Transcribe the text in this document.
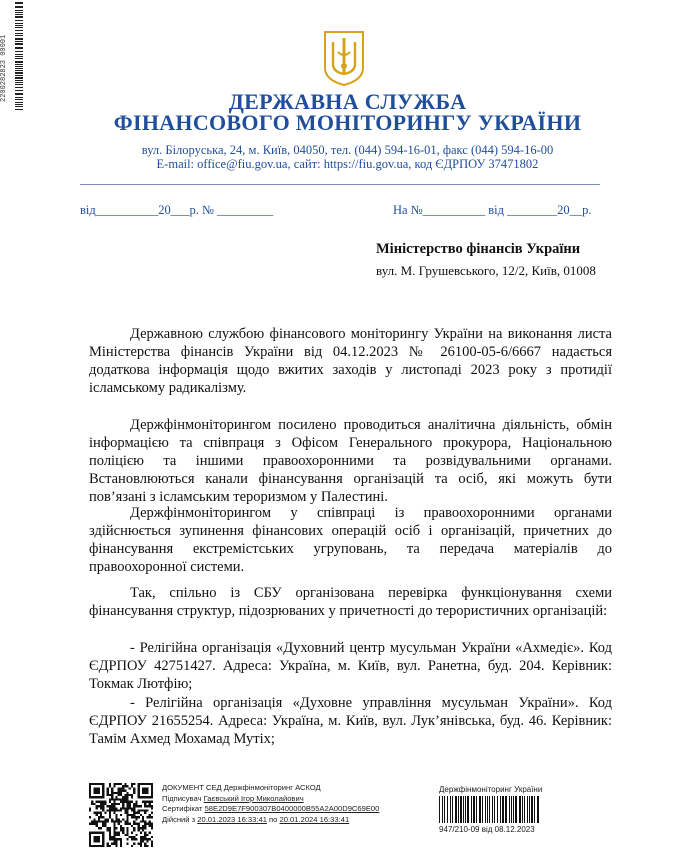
2200282823 00001	ДЕРЖАВНА СЛУЖБА
ФІНАНСОВОГО МОНІТОРИНГУ УКРАЇНИ
вул. Білоруська, 24, м. Київ, 04050, тел. (044) 594-16-01, факс (044) 594-16-00
E-mail: office@fiu.gov.ua, сайт: https://fiu.gov.ua, код ЄДРПОУ 37471802
від__________20___р. № _________	На №__________ від ________20__р.
Міністерство фінансів України
вул. М. Грушевського, 12/2, Київ, 01008

Державною службою фінансового моніторингу України на виконання листа Міністерства фінансів України від 04.12.2023 № 26100-05-6/6667 надається додаткова інформація щодо вжитих заходів у листопаді 2023 року з протидії ісламському радикалізму.

Держфінмоніторингом посилено проводиться аналітична діяльність, обмін інформацією та співпраця з Офісом Генерального прокурора, Національною поліцією та іншими правоохоронними та розвідувальними органами. Встановлюються канали фінансування організацій та осіб, які можуть бути пов’язані з ісламським тероризмом у Палестині.

Держфінмоніторингом у співпраці із правоохоронними органами здійснюється зупинення фінансових операцій осіб і організацій, причетних до фінансування екстремістських угруповань, та передача матеріалів до правоохоронної системи.

Так, спільно із СБУ організована перевірка функціонування схеми фінансування структур, підозрюваних у причетності до терористичних організацій:

- Релігійна організація «Духовний центр мусульман України «Ахмедіє». Код ЄДРПОУ 42751427. Адреса: Україна, м. Київ, вул. Ранетна, буд. 204. Керівник: Токмак Лютфію;

- Релігійна організація «Духовне управління мусульман України». Код ЄДРПОУ 21655254. Адреса: Україна, м. Київ, вул. Лук’янівська, буд. 46. Керівник: Тамім Ахмед Мохамад Мутіх;

ДОКУМЕНТ СЕД Держфінмоніторинг АСКОД
Підписувач Гаєвський Ігор Миколайович
Сертифікат 58E2D9E7F900307B0400000B55A2A00D9C69E00
Дійсний з 20.01.2023 16:33:41 по 20.01.2024 16:33:41
Держфінмоніторинг України
947/210-09 від 08.12.2023
